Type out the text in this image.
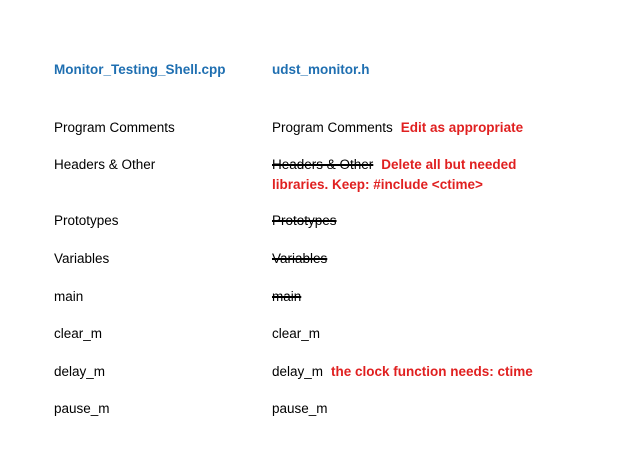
Monitor_Testing_Shell.cpp	udst_monitor.h
Program Comments	Program Comments Edit as appropriate
Headers & Other	Headers & Other Delete all but needed
libraries. Keep: #include <ctime>
Prototypes	Prototypes
Variables	Variables
main	main
clear_m	clear_m
delay_m	delay_m the clock function needs: ctime
pause_m	pause_m
